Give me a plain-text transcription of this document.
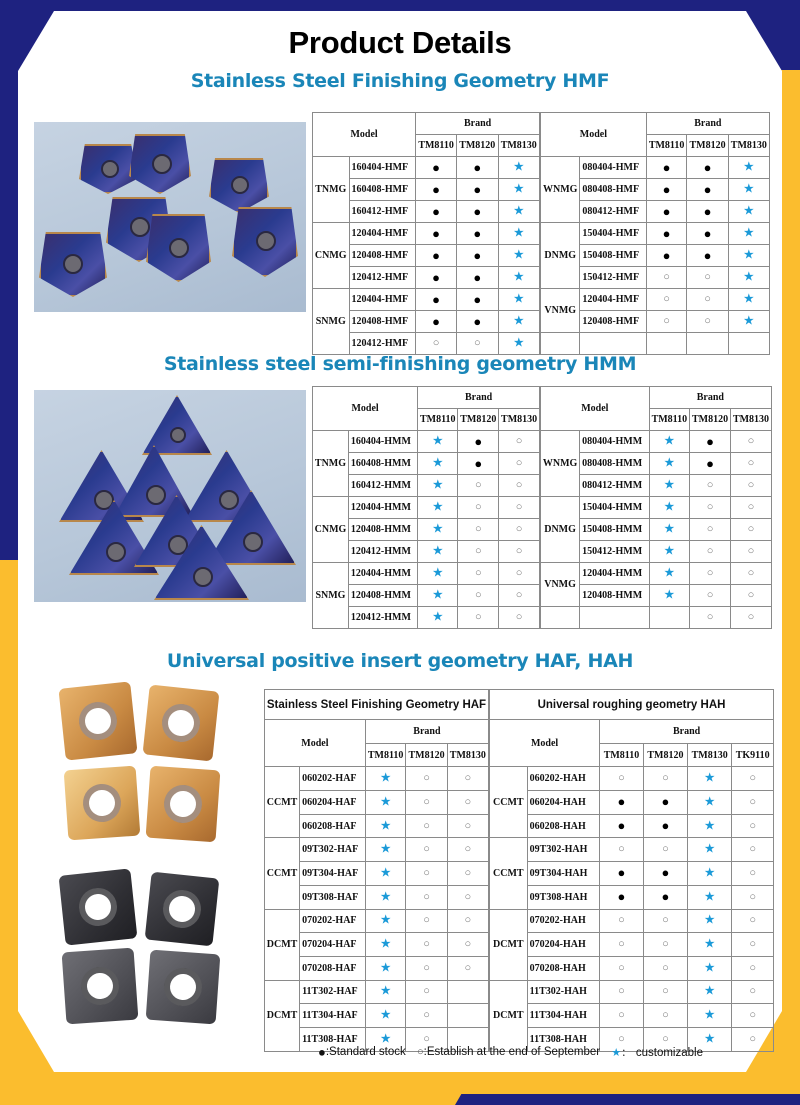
Product Details
Stainless Steel Finishing Geometry HMF
Model		Brand		
		TM8110	TM8120	TM8130
TNMG	160404-HMF	●	●	★
	160408-HMF	●	●	★
	160412-HMF	●	●	★
CNMG	120404-HMF	●	●	★
	120408-HMF	●	●	★
	120412-HMF	●	●	★
SNMG	120404-HMF	●	●	★
	120408-HMF	●	●	★
	120412-HMF	○	○	★
Model		Brand		
		TM8110	TM8120	TM8130
WNMG	080404-HMF	●	●	★
	080408-HMF	●	●	★
	080412-HMF	●	●	★
DNMG	150404-HMF	●	●	★
	150408-HMF	●	●	★
	150412-HMF	○	○	★
VNMG	120404-HMF	○	○	★
	120408-HMF	○	○	★

Stainless steel semi-finishing geometry HMM
Model		Brand		
		TM8110	TM8120	TM8130
TNMG	160404-HMM	★	●	○
	160408-HMM	★	●	○
	160412-HMM	★	○	○
CNMG	120404-HMM	★	○	○
	120408-HMM	★	○	○
	120412-HMM	★	○	○
SNMG	120404-HMM	★	○	○
	120408-HMM	★	○	○
	120412-HMM	★	○	○
Model		Brand		
		TM8110	TM8120	TM8130
WNMG	080404-HMM	★	●	○
	080408-HMM	★	●	○
	080412-HMM	★	○	○
DNMG	150404-HMM	★	○	○
	150408-HMM	★	○	○
	150412-HMM	★	○	○
VNMG	120404-HMM	★	○	○
	120408-HMM	★	○	○
			○	○
Universal positive insert geometry HAF, HAH
Stainless Steel Finishing Geometry HAF				
Model		Brand		
		TM8110	TM8120	TM8130
CCMT	060202-HAF	★	○	○
	060204-HAF	★	○	○
	060208-HAF	★	○	○
CCMT	09T302-HAF	★	○	○
	09T304-HAF	★	○	○
	09T308-HAF	★	○	○
DCMT	070202-HAF	★	○	○
	070204-HAF	★	○	○
	070208-HAF	★	○	○
DCMT	11T302-HAF	★	○	
	11T304-HAF	★	○	
	11T308-HAF	★	○	
Universal roughing geometry HAH					
Model		Brand			
		TM8110	TM8120	TM8130	TK9110
CCMT	060202-HAH	○	○	★	○
	060204-HAH	●	●	★	○
	060208-HAH	●	●	★	○
CCMT	09T302-HAH	○	○	★	○
	09T304-HAH	●	●	★	○
	09T308-HAH	●	●	★	○
DCMT	070202-HAH	○	○	★	○
	070204-HAH	○	○	★	○
	070208-HAH	○	○	★	○
DCMT	11T302-HAH	○	○	★	○
	11T304-HAH	○	○	★	○
	11T308-HAH	○	○	★	○
●:Standard stock ○:Establish at the end of September ★： customizable
